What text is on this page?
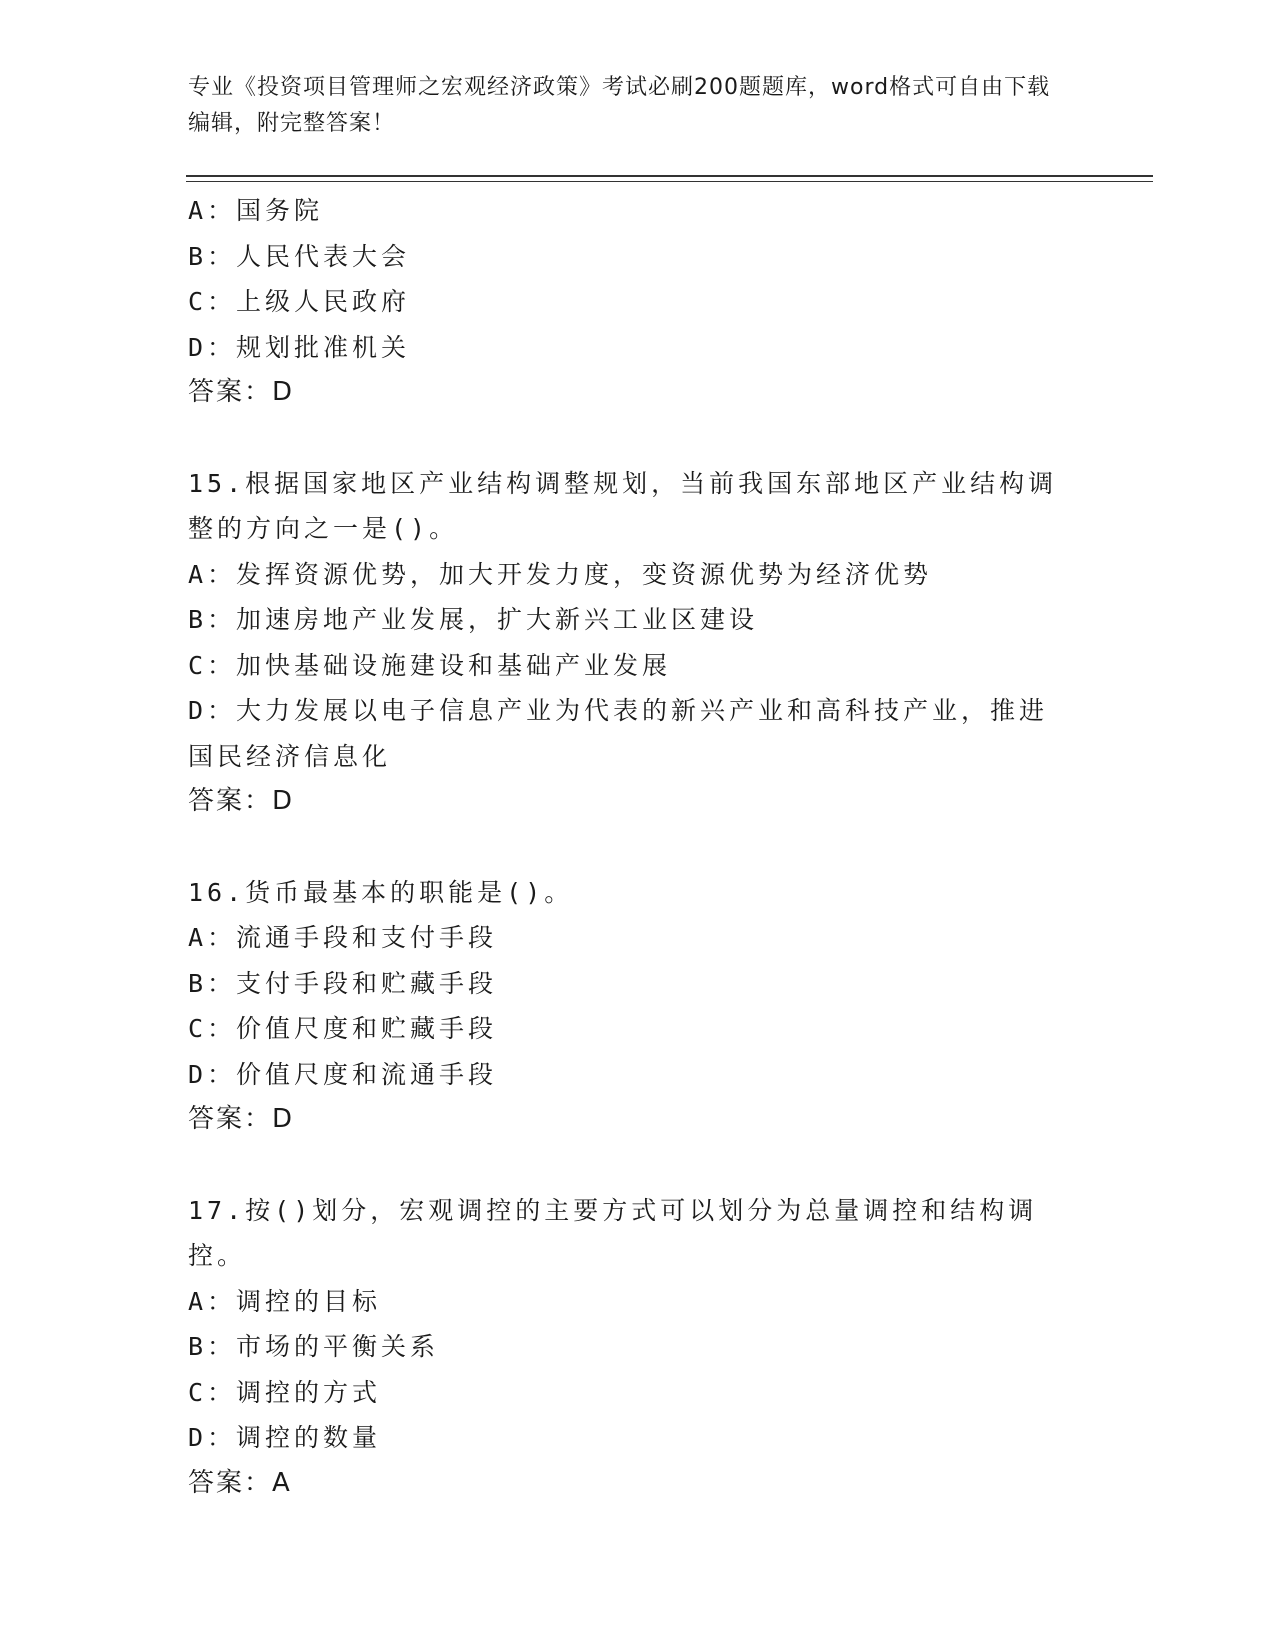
专业《投资项目管理师之宏观经济政策》考试必刷200题题库，word格式可自由下载编辑，附完整答案！
A：国务院
B：人民代表大会
C：上级人民政府
D：规划批准机关
答案：D
15.根据国家地区产业结构调整规划，当前我国东部地区产业结构调整的方向之一是()。
A：发挥资源优势，加大开发力度，变资源优势为经济优势
B：加速房地产业发展，扩大新兴工业区建设
C：加快基础设施建设和基础产业发展
D：大力发展以电子信息产业为代表的新兴产业和高科技产业，推进国民经济信息化
答案：D
16.货币最基本的职能是()。
A：流通手段和支付手段
B：支付手段和贮藏手段
C：价值尺度和贮藏手段
D：价值尺度和流通手段
答案：D
17.按()划分，宏观调控的主要方式可以划分为总量调控和结构调控。
A：调控的目标
B：市场的平衡关系
C：调控的方式
D：调控的数量
答案：A
